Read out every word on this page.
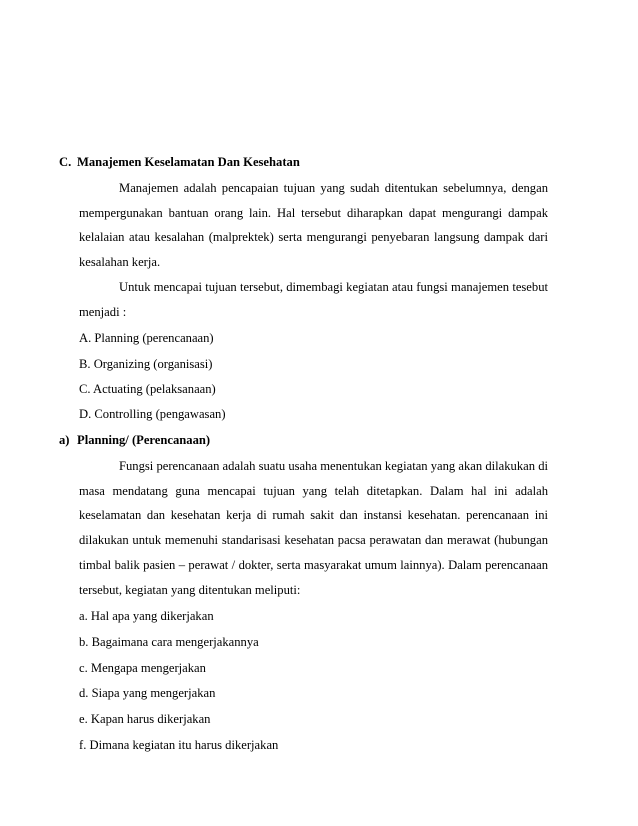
C. Manajemen Keselamatan Dan Kesehatan
Manajemen adalah pencapaian tujuan yang sudah ditentukan sebelumnya, dengan
mempergunakan bantuan orang lain. Hal tersebut diharapkan dapat mengurangi dampak
kelalaian atau kesalahan (malprektek) serta mengurangi penyebaran langsung dampak dari
kesalahan kerja.
Untuk mencapai tujuan tersebut, dimembagi kegiatan atau fungsi manajemen tesebut
menjadi :
A. Planning (perencanaan)
B. Organizing (organisasi)
C. Actuating (pelaksanaan)
D. Controlling (pengawasan)
a) Planning/ (Perencanaan)
Fungsi perencanaan adalah suatu usaha menentukan kegiatan yang akan dilakukan di
masa mendatang guna mencapai tujuan yang telah ditetapkan. Dalam hal ini adalah
keselamatan dan kesehatan kerja di rumah sakit dan instansi kesehatan. perencanaan ini
dilakukan untuk memenuhi standarisasi kesehatan pacsa perawatan dan merawat (hubungan
timbal balik pasien – perawat / dokter, serta masyarakat umum lainnya). Dalam perencanaan
tersebut, kegiatan yang ditentukan meliputi:
a. Hal apa yang dikerjakan
b. Bagaimana cara mengerjakannya
c. Mengapa mengerjakan
d. Siapa yang mengerjakan
e. Kapan harus dikerjakan
f. Dimana kegiatan itu harus dikerjakan
